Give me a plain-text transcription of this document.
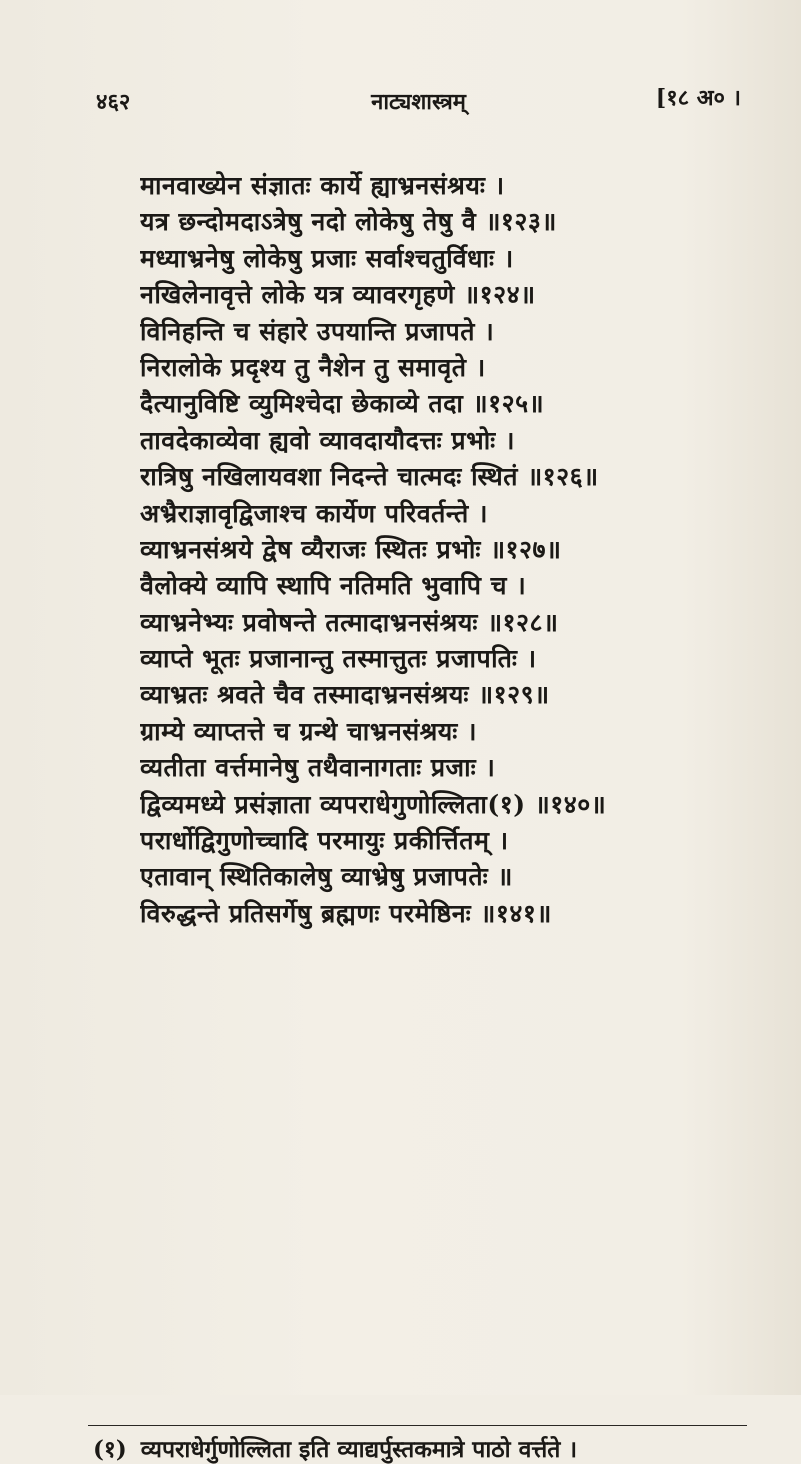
४६२	नाट्यशास्त्रम्	[१८ अ० ।
मानवाख्येन संज्ञातः कार्ये ह्याभ्रनसंश्रयः ।
यत्र छन्दोमदाऽत्रेषु नदो लोकेषु तेषु वै ॥१२३॥
मध्याभ्रनेषु लोकेषु प्रजाः सर्वाश्चतुर्विधाः ।
नखिलेनावृत्ते लोके यत्र व्यावरगृहणे ॥१२४॥
विनिहन्ति च संहारे उपयान्ति प्रजापते ।
निरालोके प्रदृश्य तु नैशेन तु समावृते ।
दैत्यानुविष्टि व्युमिश्चेदा छेकाव्ये तदा ॥१२५॥
तावदेकाव्येवा ह्यवो व्यावदायौदत्तः प्रभोः ।
रात्रिषु नखिलायवशा निदन्ते चात्मदः स्थितं ॥१२६॥
अभ्रैराज्ञावृद्विजाश्च कार्येण परिवर्तन्ते ।
व्याभ्रनसंश्रये द्वेष व्यैराजः स्थितः प्रभोः ॥१२७॥
वैलोक्ये व्यापि स्थापि नतिमति भुवापि च ।
व्याभ्रनेभ्यः प्रवोषन्ते तत्मादाभ्रनसंश्रयः ॥१२८॥
व्याप्ते भूतः प्रजानान्तु तस्मात्तुतः प्रजापतिः ।
व्याभ्रतः श्रवते चैव तस्मादाभ्रनसंश्रयः ॥१२९॥
ग्राम्ये व्याप्तत्ते च ग्रन्थे चाभ्रनसंश्रयः ।
व्यतीता वर्त्तमानेषु तथैवानागताः प्रजाः ।
द्विव्यमध्ये प्रसंज्ञाता व्यपराधेगुणोल्लिता(१) ॥१४०॥
परार्धोद्विगुणोच्चादि परमायुः प्रकीर्त्तितम् ।
एतावान् स्थितिकालेषु व्याभ्रेषु प्रजापतेः ॥
विरुद्धन्ते प्रतिसर्गेषु ब्रह्मणः परमेष्ठिनः ॥१४१॥
(१) व्यपराधेर्गुणोल्लिता इति व्याद्यर्पुस्तकमात्रे पाठो वर्त्तते ।
